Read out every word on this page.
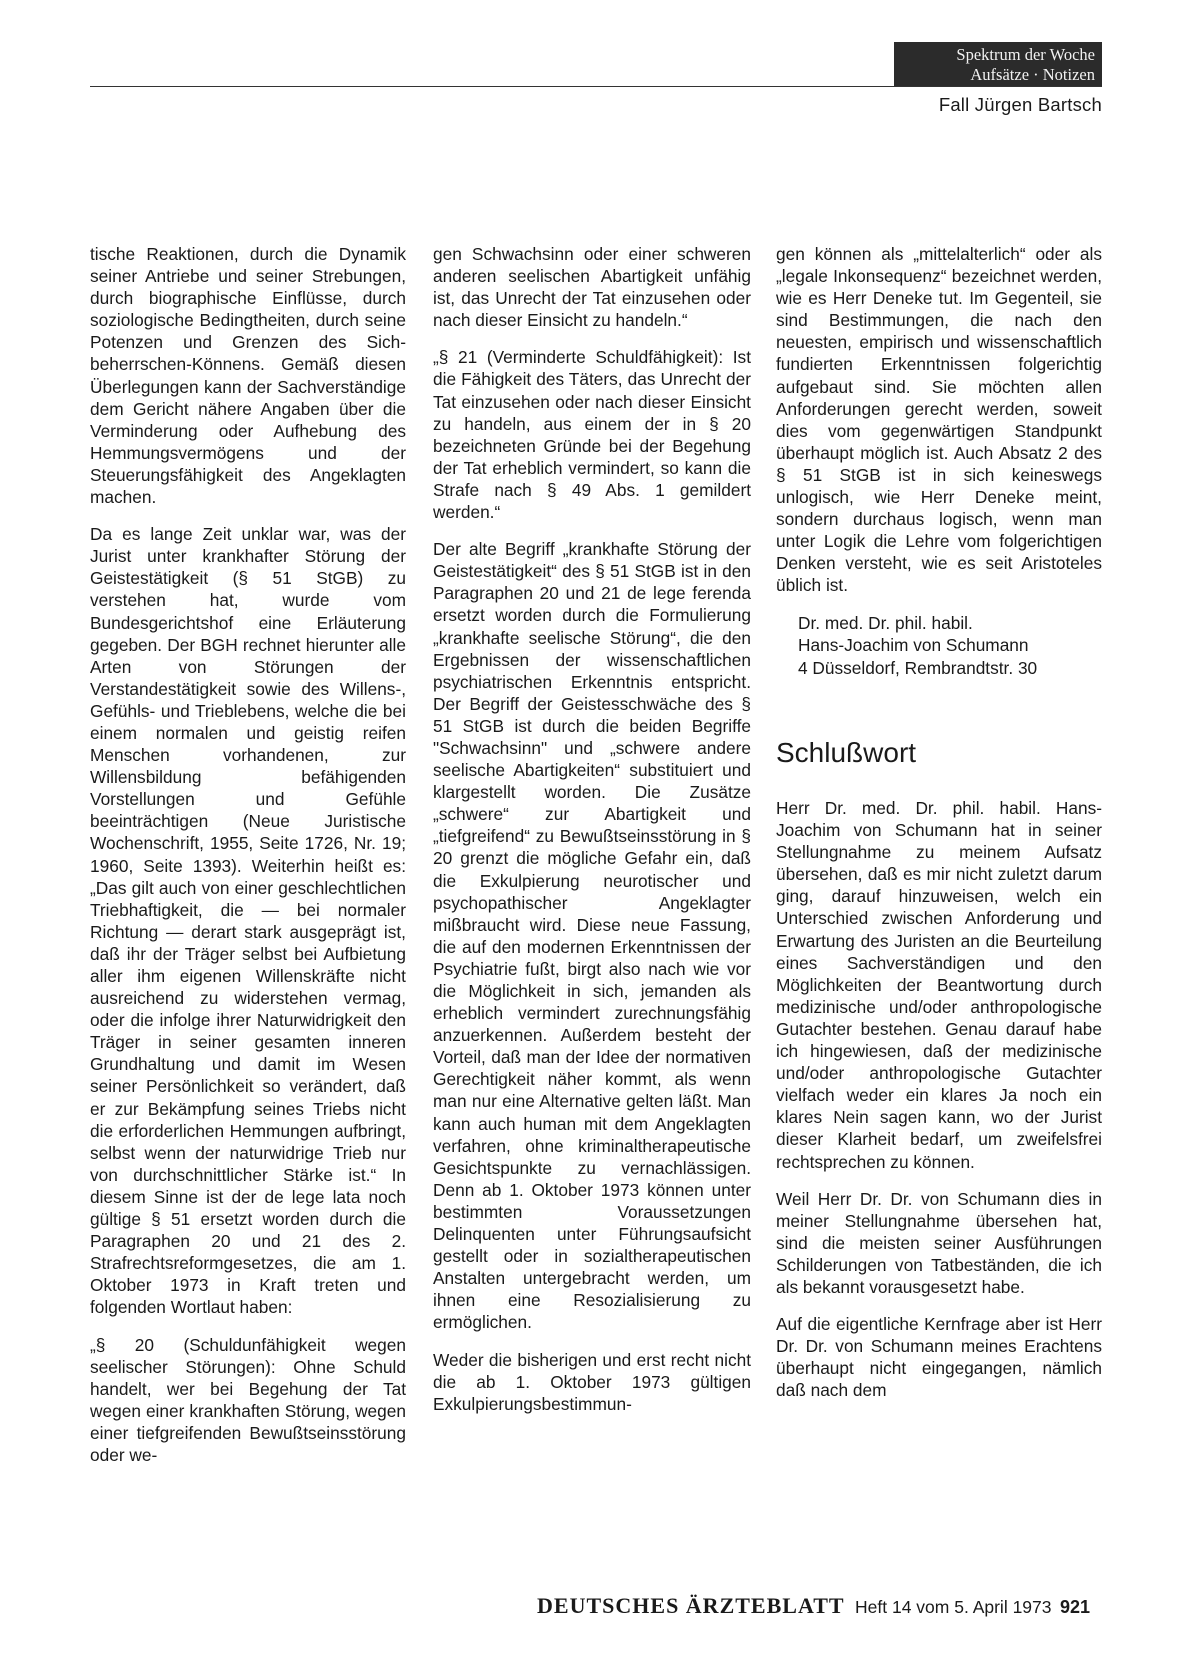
Spektrum der Woche
Aufsätze · Notizen
Fall Jürgen Bartsch

tische Reaktionen, durch die Dynamik seiner Antriebe und seiner Strebungen, durch biographische Einflüsse, durch soziologische Bedingtheiten, durch seine Potenzen und Grenzen des Sich-beherrschen-Könnens. Gemäß diesen Überlegungen kann der Sachverständige dem Gericht nähere Angaben über die Verminderung oder Aufhebung des Hemmungsvermögens und der Steuerungsfähigkeit des Angeklagten machen.

Da es lange Zeit unklar war, was der Jurist unter krankhafter Störung der Geistestätigkeit (§ 51 StGB) zu verstehen hat, wurde vom Bundesgerichtshof eine Erläuterung gegeben. Der BGH rechnet hierunter alle Arten von Störungen der Verstandestätigkeit sowie des Willens-, Gefühls- und Trieblebens, welche die bei einem normalen und geistig reifen Menschen vorhandenen, zur Willensbildung befähigenden Vorstellungen und Gefühle beeinträchtigen (Neue Juristische Wochenschrift, 1955, Seite 1726, Nr. 19; 1960, Seite 1393). Weiterhin heißt es: „Das gilt auch von einer geschlechtlichen Triebhaftigkeit, die — bei normaler Richtung — derart stark ausgeprägt ist, daß ihr der Träger selbst bei Aufbietung aller ihm eigenen Willenskräfte nicht ausreichend zu widerstehen vermag, oder die infolge ihrer Naturwidrigkeit den Träger in seiner gesamten inneren Grundhaltung und damit im Wesen seiner Persönlichkeit so verändert, daß er zur Bekämpfung seines Triebs nicht die erforderlichen Hemmungen aufbringt, selbst wenn der naturwidrige Trieb nur von durchschnittlicher Stärke ist.“ In diesem Sinne ist der de lege lata noch gültige § 51 ersetzt worden durch die Paragraphen 20 und 21 des 2. Strafrechtsreformgesetzes, die am 1. Oktober 1973 in Kraft treten und folgenden Wortlaut haben:

„§ 20 (Schuldunfähigkeit wegen seelischer Störungen): Ohne Schuld handelt, wer bei Begehung der Tat wegen einer krankhaften Störung, wegen einer tiefgreifenden Bewußtseinsstörung oder we-

gen Schwachsinn oder einer schweren anderen seelischen Abartigkeit unfähig ist, das Unrecht der Tat einzusehen oder nach dieser Einsicht zu handeln.“

„§ 21 (Verminderte Schuldfähigkeit): Ist die Fähigkeit des Täters, das Unrecht der Tat einzusehen oder nach dieser Einsicht zu handeln, aus einem der in § 20 bezeichneten Gründe bei der Begehung der Tat erheblich vermindert, so kann die Strafe nach § 49 Abs. 1 gemildert werden.“

Der alte Begriff „krankhafte Störung der Geistestätigkeit“ des § 51 StGB ist in den Paragraphen 20 und 21 de lege ferenda ersetzt worden durch die Formulierung „krankhafte seelische Störung“, die den Ergebnissen der wissenschaftlichen psychiatrischen Erkenntnis entspricht. Der Begriff der Geistesschwäche des § 51 StGB ist durch die beiden Begriffe "Schwachsinn" und „schwere andere seelische Abartigkeiten“ substituiert und klargestellt worden. Die Zusätze „schwere“ zur Abartigkeit und „tiefgreifend“ zu Bewußtseinsstörung in § 20 grenzt die mögliche Gefahr ein, daß die Exkulpierung neurotischer und psychopathischer Angeklagter mißbraucht wird. Diese neue Fassung, die auf den modernen Erkenntnissen der Psychiatrie fußt, birgt also nach wie vor die Möglichkeit in sich, jemanden als erheblich vermindert zurechnungsfähig anzuerkennen. Außerdem besteht der Vorteil, daß man der Idee der normativen Gerechtigkeit näher kommt, als wenn man nur eine Alternative gelten läßt. Man kann auch human mit dem Angeklagten verfahren, ohne kriminaltherapeutische Gesichtspunkte zu vernachlässigen. Denn ab 1. Oktober 1973 können unter bestimmten Voraussetzungen Delinquenten unter Führungsaufsicht gestellt oder in sozialtherapeutischen Anstalten untergebracht werden, um ihnen eine Resozialisierung zu ermöglichen.

Weder die bisherigen und erst recht nicht die ab 1. Oktober 1973 gültigen Exkulpierungsbestimmun-

gen können als „mittelalterlich“ oder als „legale Inkonsequenz“ bezeichnet werden, wie es Herr Deneke tut. Im Gegenteil, sie sind Bestimmungen, die nach den neuesten, empirisch und wissenschaftlich fundierten Erkenntnissen folgerichtig aufgebaut sind. Sie möchten allen Anforderungen gerecht werden, soweit dies vom gegenwärtigen Standpunkt überhaupt möglich ist. Auch Absatz 2 des § 51 StGB ist in sich keineswegs unlogisch, wie Herr Deneke meint, sondern durchaus logisch, wenn man unter Logik die Lehre vom folgerichtigen Denken versteht, wie es seit Aristoteles üblich ist.

Dr. med. Dr. phil. habil.
Hans-Joachim von Schumann
4 Düsseldorf, Rembrandtstr. 30
Schlußwort

Herr Dr. med. Dr. phil. habil. Hans-Joachim von Schumann hat in seiner Stellungnahme zu meinem Aufsatz übersehen, daß es mir nicht zuletzt darum ging, darauf hinzuweisen, welch ein Unterschied zwischen Anforderung und Erwartung des Juristen an die Beurteilung eines Sachverständigen und den Möglichkeiten der Beantwortung durch medizinische und/oder anthropologische Gutachter bestehen. Genau darauf habe ich hingewiesen, daß der medizinische und/oder anthropologische Gutachter vielfach weder ein klares Ja noch ein klares Nein sagen kann, wo der Jurist dieser Klarheit bedarf, um zweifelsfrei rechtsprechen zu können.

Weil Herr Dr. Dr. von Schumann dies in meiner Stellungnahme übersehen hat, sind die meisten seiner Ausführungen Schilderungen von Tatbeständen, die ich als bekannt vorausgesetzt habe.

Auf die eigentliche Kernfrage aber ist Herr Dr. Dr. von Schumann meines Erachtens überhaupt nicht eingegangen, nämlich daß nach dem

DEUTSCHES ÄRZTEBLATT Heft 14 vom 5. April 1973 921
